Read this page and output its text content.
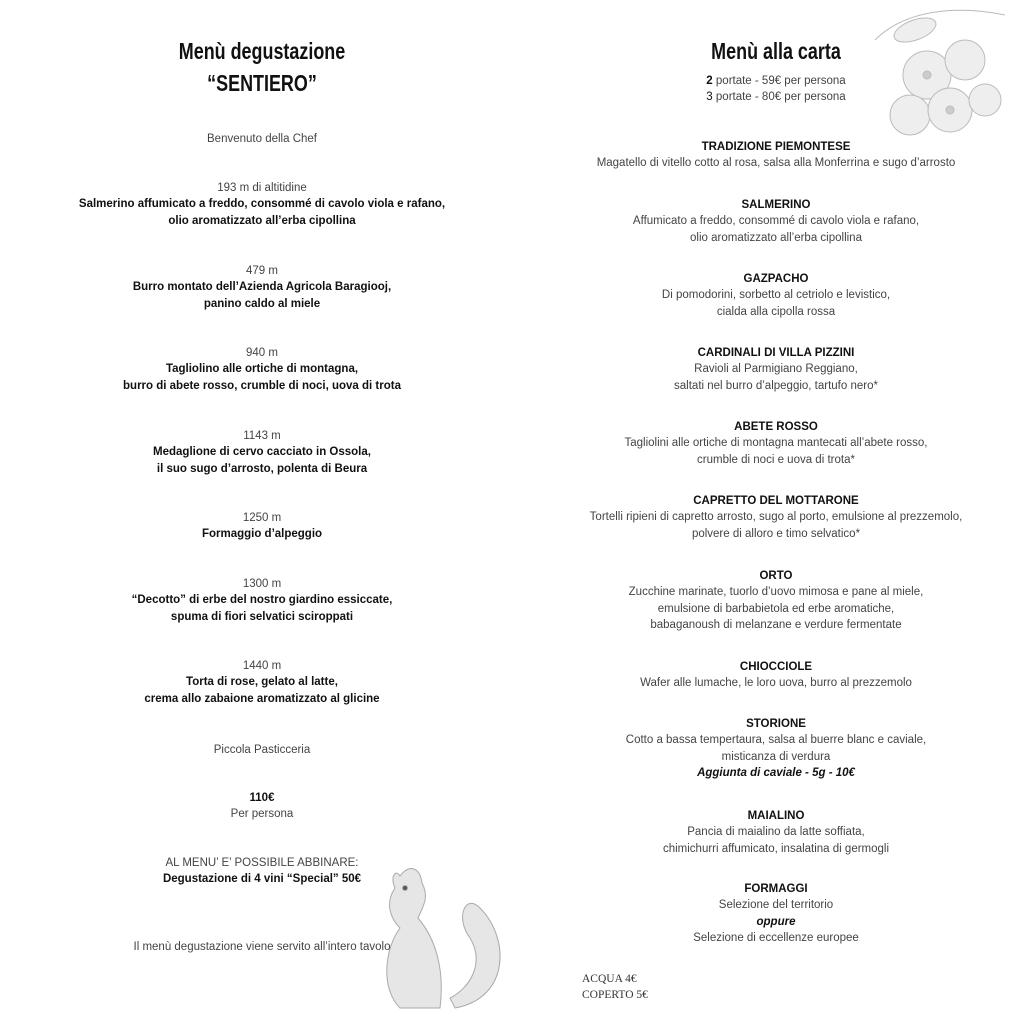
Menù degustazione
“SENTIERO”
Benvenuto della Chef
193 m di altitidine
Salmerino affumicato a freddo, consommé di cavolo viola e rafano,
olio aromatizzato all’erba cipollina
479 m
Burro montato dell’Azienda Agricola Baragiooj,
panino caldo al miele
940 m
Tagliolino alle ortiche di montagna,
burro di abete rosso, crumble di noci, uova di trota
1143 m
Medaglione di cervo cacciato in Ossola,
il suo sugo d’arrosto, polenta di Beura
1250 m
Formaggio d’alpeggio
1300 m
“Decotto” di erbe del nostro giardino essiccate,
spuma di fiori selvatici sciroppati
1440 m
Torta di rose, gelato al latte,
crema allo zabaione aromatizzato al glicine
Piccola Pasticceria
110€
Per persona
AL MENU’ E’ POSSIBILE ABBINARE:
Degustazione di 4 vini “Special” 50€
Il menù degustazione viene servito all’intero tavolo
Menù alla carta
2 portate - 59€ per persona
3 portate - 80€ per persona
TRADIZIONE PIEMONTESE
Magatello di vitello cotto al rosa, salsa alla Monferrina e sugo d’arrosto
SALMERINO
Affumicato a freddo, consommé di cavolo viola e rafano,
olio aromatizzato all’erba cipollina
GAZPACHO
Di pomodorini, sorbetto al cetriolo e levistico,
cialda alla cipolla rossa
CARDINALI DI VILLA PIZZINI
Ravioli al Parmigiano Reggiano,
saltati nel burro d’alpeggio, tartufo nero*
ABETE ROSSO
Tagliolini alle ortiche di montagna mantecati all’abete rosso,
crumble di noci e uova di trota*
CAPRETTO DEL MOTTARONE
Tortelli ripieni di capretto arrosto, sugo al porto, emulsione al prezzemolo,
polvere di alloro e timo selvatico*
ORTO
Zucchine marinate, tuorlo d’uovo mimosa e pane al miele,
emulsione di barbabietola ed erbe aromatiche,
babaganoush di melanzane e verdure fermentate
CHIOCCIOLE
Wafer alle lumache, le loro uova, burro al prezzemolo
STORIONE
Cotto a bassa tempertaura, salsa al buerre blanc e caviale,
misticanza di verdura
Aggiunta di caviale - 5g - 10€
MAIALINO
Pancia di maialino da latte soffiata,
chimichurri affumicato, insalatina di germogli
FORMAGGI
Selezione del territorio
oppure
Selezione di eccellenze europee
ACQUA 4€
COPERTO 5€
